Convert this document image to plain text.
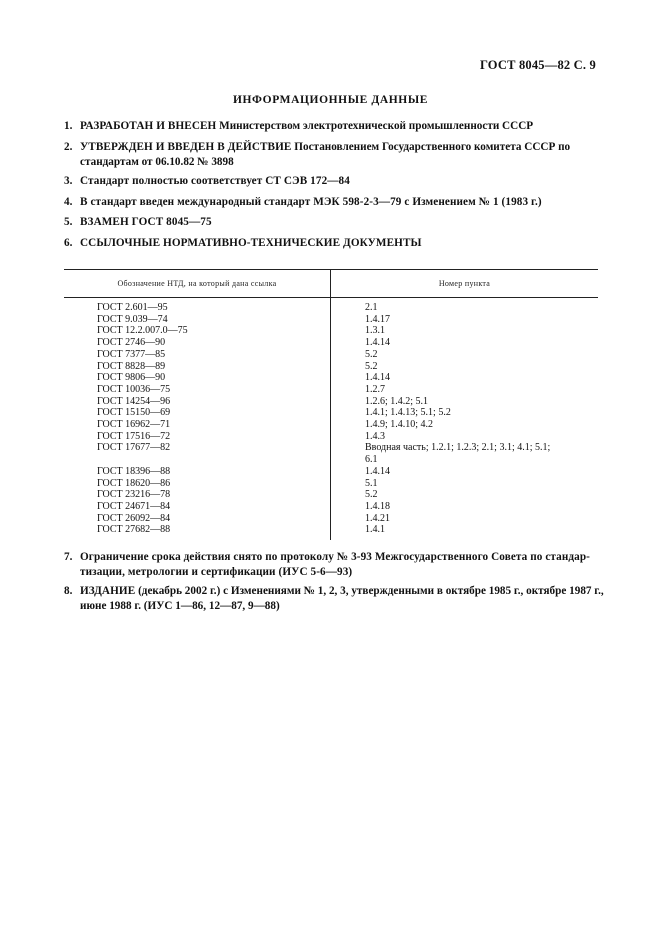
ГОСТ 8045—82 С. 9
ИНФОРМАЦИОННЫЕ ДАННЫЕ
1. РАЗРАБОТАН И ВНЕСЕН Министерством электротехнической промышленности СССР
2. УТВЕРЖДЕН И ВВЕДЕН В ДЕЙСТВИЕ Постановлением Государственного комитета СССР по стандартам от 06.10.82 № 3898
3. Стандарт полностью соответствует СТ СЭВ 172—84
4. В стандарт введен международный стандарт МЭК 598-2-3—79 с Изменением № 1 (1983 г.)
5. ВЗАМЕН ГОСТ 8045—75
6. ССЫЛОЧНЫЕ НОРМАТИВНО-ТЕХНИЧЕСКИЕ ДОКУМЕНТЫ
Обозначение НТД, на который дана ссылка	Номер пункта
ГОСТ 2.601—95	2.1
ГОСТ 9.039—74	1.4.17
ГОСТ 12.2.007.0—75	1.3.1
ГОСТ 2746—90	1.4.14
ГОСТ 7377—85	5.2
ГОСТ 8828—89	5.2
ГОСТ 9806—90	1.4.14
ГОСТ 10036—75	1.2.7
ГОСТ 14254—96	1.2.6; 1.4.2; 5.1
ГОСТ 15150—69	1.4.1; 1.4.13; 5.1; 5.2
ГОСТ 16962—71	1.4.9; 1.4.10; 4.2
ГОСТ 17516—72	1.4.3
ГОСТ 17677—82	Вводная часть; 1.2.1; 1.2.3; 2.1; 3.1; 4.1; 5.1; 6.1
ГОСТ 18396—88	1.4.14
ГОСТ 18620—86	5.1
ГОСТ 23216—78	5.2
ГОСТ 24671—84	1.4.18
ГОСТ 26092—84	1.4.21
ГОСТ 27682—88	1.4.1
7. Ограничение срока действия снято по протоколу № 3-93 Межгосударственного Совета по стандар-тизации, метрологии и сертификации (ИУС 5-6—93)
8. ИЗДАНИЕ (декабрь 2002 г.) с Изменениями № 1, 2, 3, утвержденными в октябре 1985 г., октябре 1987 г., июне 1988 г. (ИУС 1—86, 12—87, 9—88)
